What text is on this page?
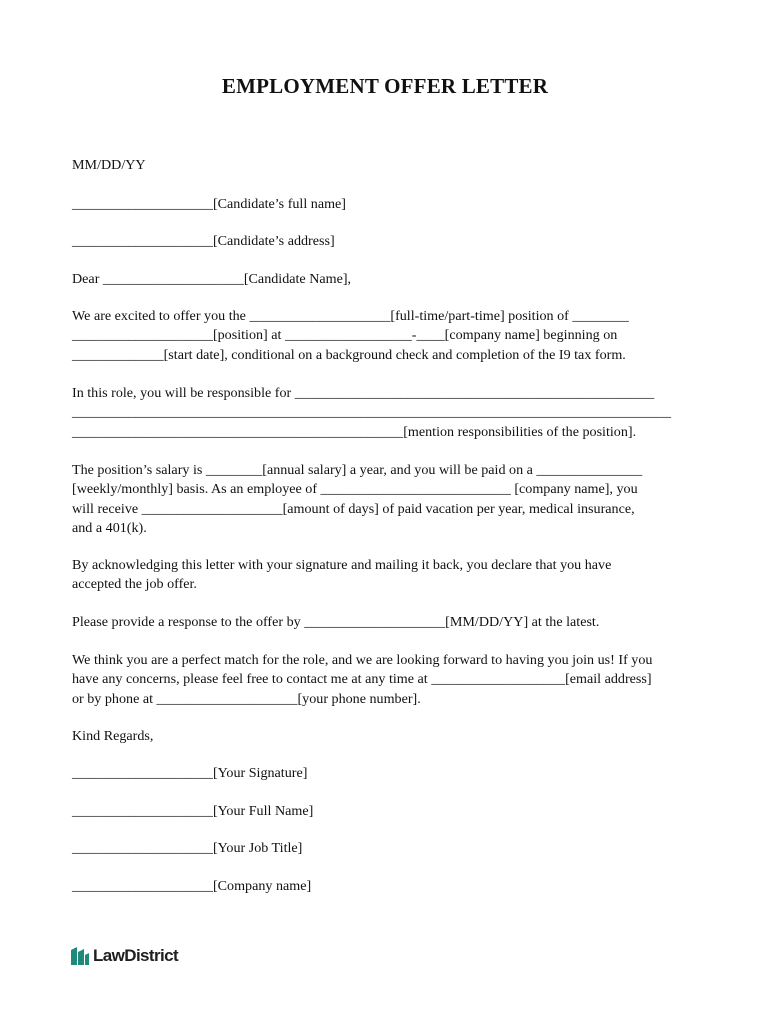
EMPLOYMENT OFFER LETTER
MM/DD/YY
____________________[Candidate’s full name]
____________________[Candidate’s address]
Dear ____________________[Candidate Name],
We are excited to offer you the ____________________[full-time/part-time] position of ________
____________________[position] at __________________-____[company name] beginning on
_____________[start date], conditional on a background check and completion of the I9 tax form.
In this role, you will be responsible for ___________________________________________________
_____________________________________________________________________________________
_______________________________________________[mention responsibilities of the position].
The position’s salary is ________[annual salary] a year, and you will be paid on a _______________
[weekly/monthly] basis. As an employee of ___________________________ [company name], you
will receive ____________________[amount of days] of paid vacation per year, medical insurance,
and a 401(k).
By acknowledging this letter with your signature and mailing it back, you declare that you have
accepted the job offer.
Please provide a response to the offer by ____________________[MM/DD/YY] at the latest.
We think you are a perfect match for the role, and we are looking forward to having you join us! If you
have any concerns, please feel free to contact me at any time at ___________________[email address]
or by phone at ____________________[your phone number].
Kind Regards,
____________________[Your Signature]
____________________[Your Full Name]
____________________[Your Job Title]
____________________[Company name]
LawDistrict
